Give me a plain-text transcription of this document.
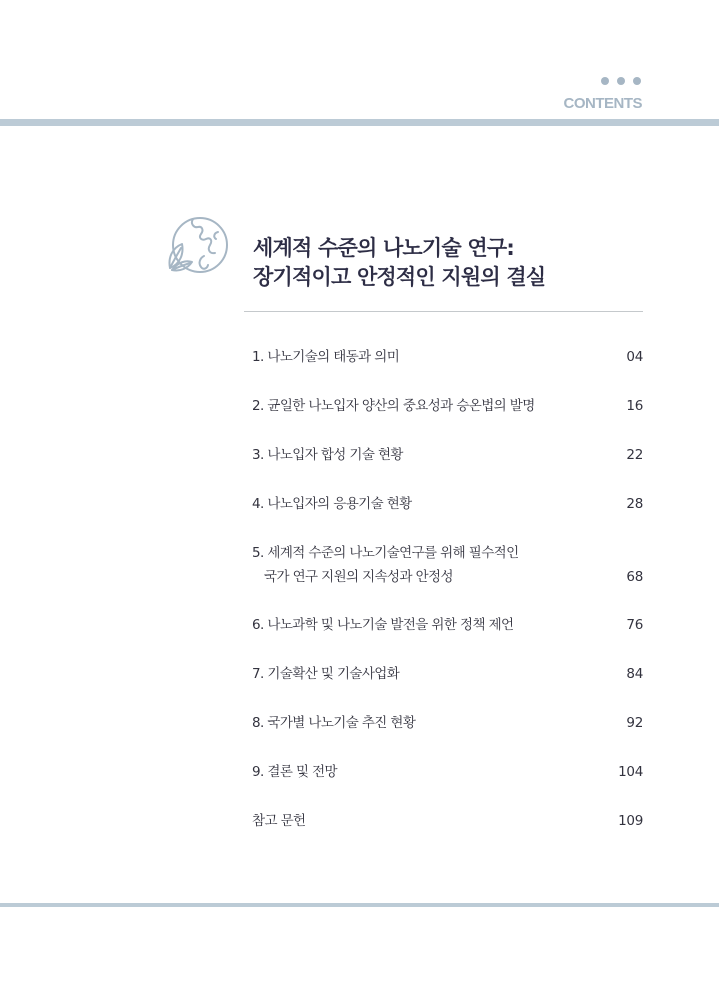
CONTENTS
세계적 수준의 나노기술 연구:
장기적이고 안정적인 지원의 결실
1. 나노기술의 태동과 의미	04
2. 균일한 나노입자 양산의 중요성과 승온법의 발명	16
3. 나노입자 합성 기술 현황	22
4. 나노입자의 응용기술 현황	28
5. 세계적 수준의 나노기술연구를 위해 필수적인
국가 연구 지원의 지속성과 안정성	68
6. 나노과학 및 나노기술 발전을 위한 정책 제언	76
7. 기술확산 및 기술사업화	84
8. 국가별 나노기술 추진 현황	92
9. 결론 및 전망	104
참고 문헌	109
